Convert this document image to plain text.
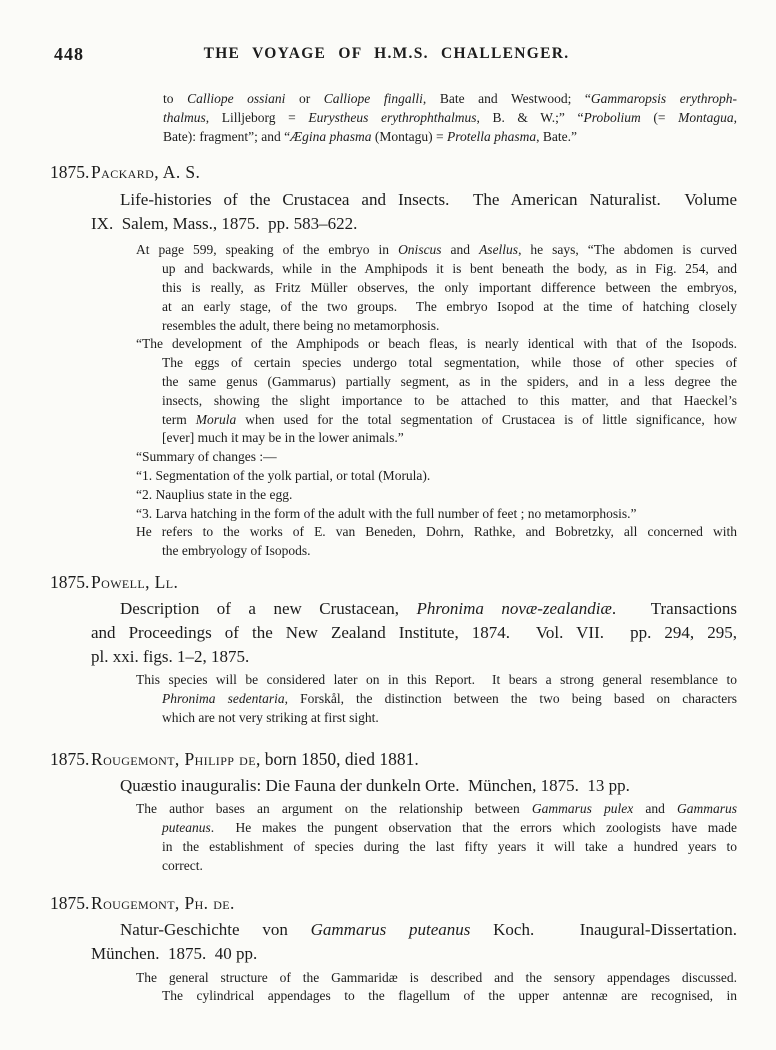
448	THE VOYAGE OF H.M.S. CHALLENGER.
to Calliope ossiani or Calliope fingalli, Bate and Westwood; “Gammaropsis erythroph-
thalmus, Lilljeborg = Eurystheus erythrophthalmus, B. & W.;” “Probolium (= Montagua,
Bate): fragment”; and “Ægina phasma (Montagu) = Protella phasma, Bate.”
1875. Packard, A. S.
Life-histories of the Crustacea and Insects.  The American Naturalist.  Volume
IX.  Salem, Mass., 1875.  pp. 583–622.
At page 599, speaking of the embryo in Oniscus and Asellus, he says, “The abdomen is curved
up and backwards, while in the Amphipods it is bent beneath the body, as in Fig. 254, and
this is really, as Fritz Müller observes, the only important difference between the embryos,
at an early stage, of the two groups.  The embryo Isopod at the time of hatching closely
resembles the adult, there being no metamorphosis.
“The development of the Amphipods or beach fleas, is nearly identical with that of the Isopods.
The eggs of certain species undergo total segmentation, while those of other species of
the same genus (Gammarus) partially segment, as in the spiders, and in a less degree the
insects, showing the slight importance to be attached to this matter, and that Haeckel’s
term Morula when used for the total segmentation of Crustacea is of little significance, how
[ever] much it may be in the lower animals.”
“Summary of changes :—
“1. Segmentation of the yolk partial, or total (Morula).
“2. Nauplius state in the egg.
“3. Larva hatching in the form of the adult with the full number of feet ; no metamorphosis.”
He refers to the works of E. van Beneden, Dohrn, Rathke, and Bobretzky, all concerned with
the embryology of Isopods.
1875. Powell, Ll.
Description of a new Crustacean, Phronima novæ-zealandiæ.  Transactions
and Proceedings of the New Zealand Institute, 1874.  Vol. VII.  pp. 294, 295,
pl. xxi. figs. 1–2, 1875.
This species will be considered later on in this Report.  It bears a strong general resemblance to
Phronima sedentaria, Forskål, the distinction between the two being based on characters
which are not very striking at first sight.
1875. Rougemont, Philipp de, born 1850, died 1881.
Quæstio inauguralis: Die Fauna der dunkeln Orte.  München, 1875.  13 pp.
The author bases an argument on the relationship between Gammarus pulex and Gammarus
puteanus.  He makes the pungent observation that the errors which zoologists have made
in the establishment of species during the last fifty years it will take a hundred years to
correct.
1875. Rougemont, Ph. de.
Natur-Geschichte von Gammarus puteanus Koch.  Inaugural-Dissertation.
München.  1875.  40 pp.
The general structure of the Gammaridæ is described and the sensory appendages discussed.
The cylindrical appendages to the flagellum of the upper antennæ are recognised, in
